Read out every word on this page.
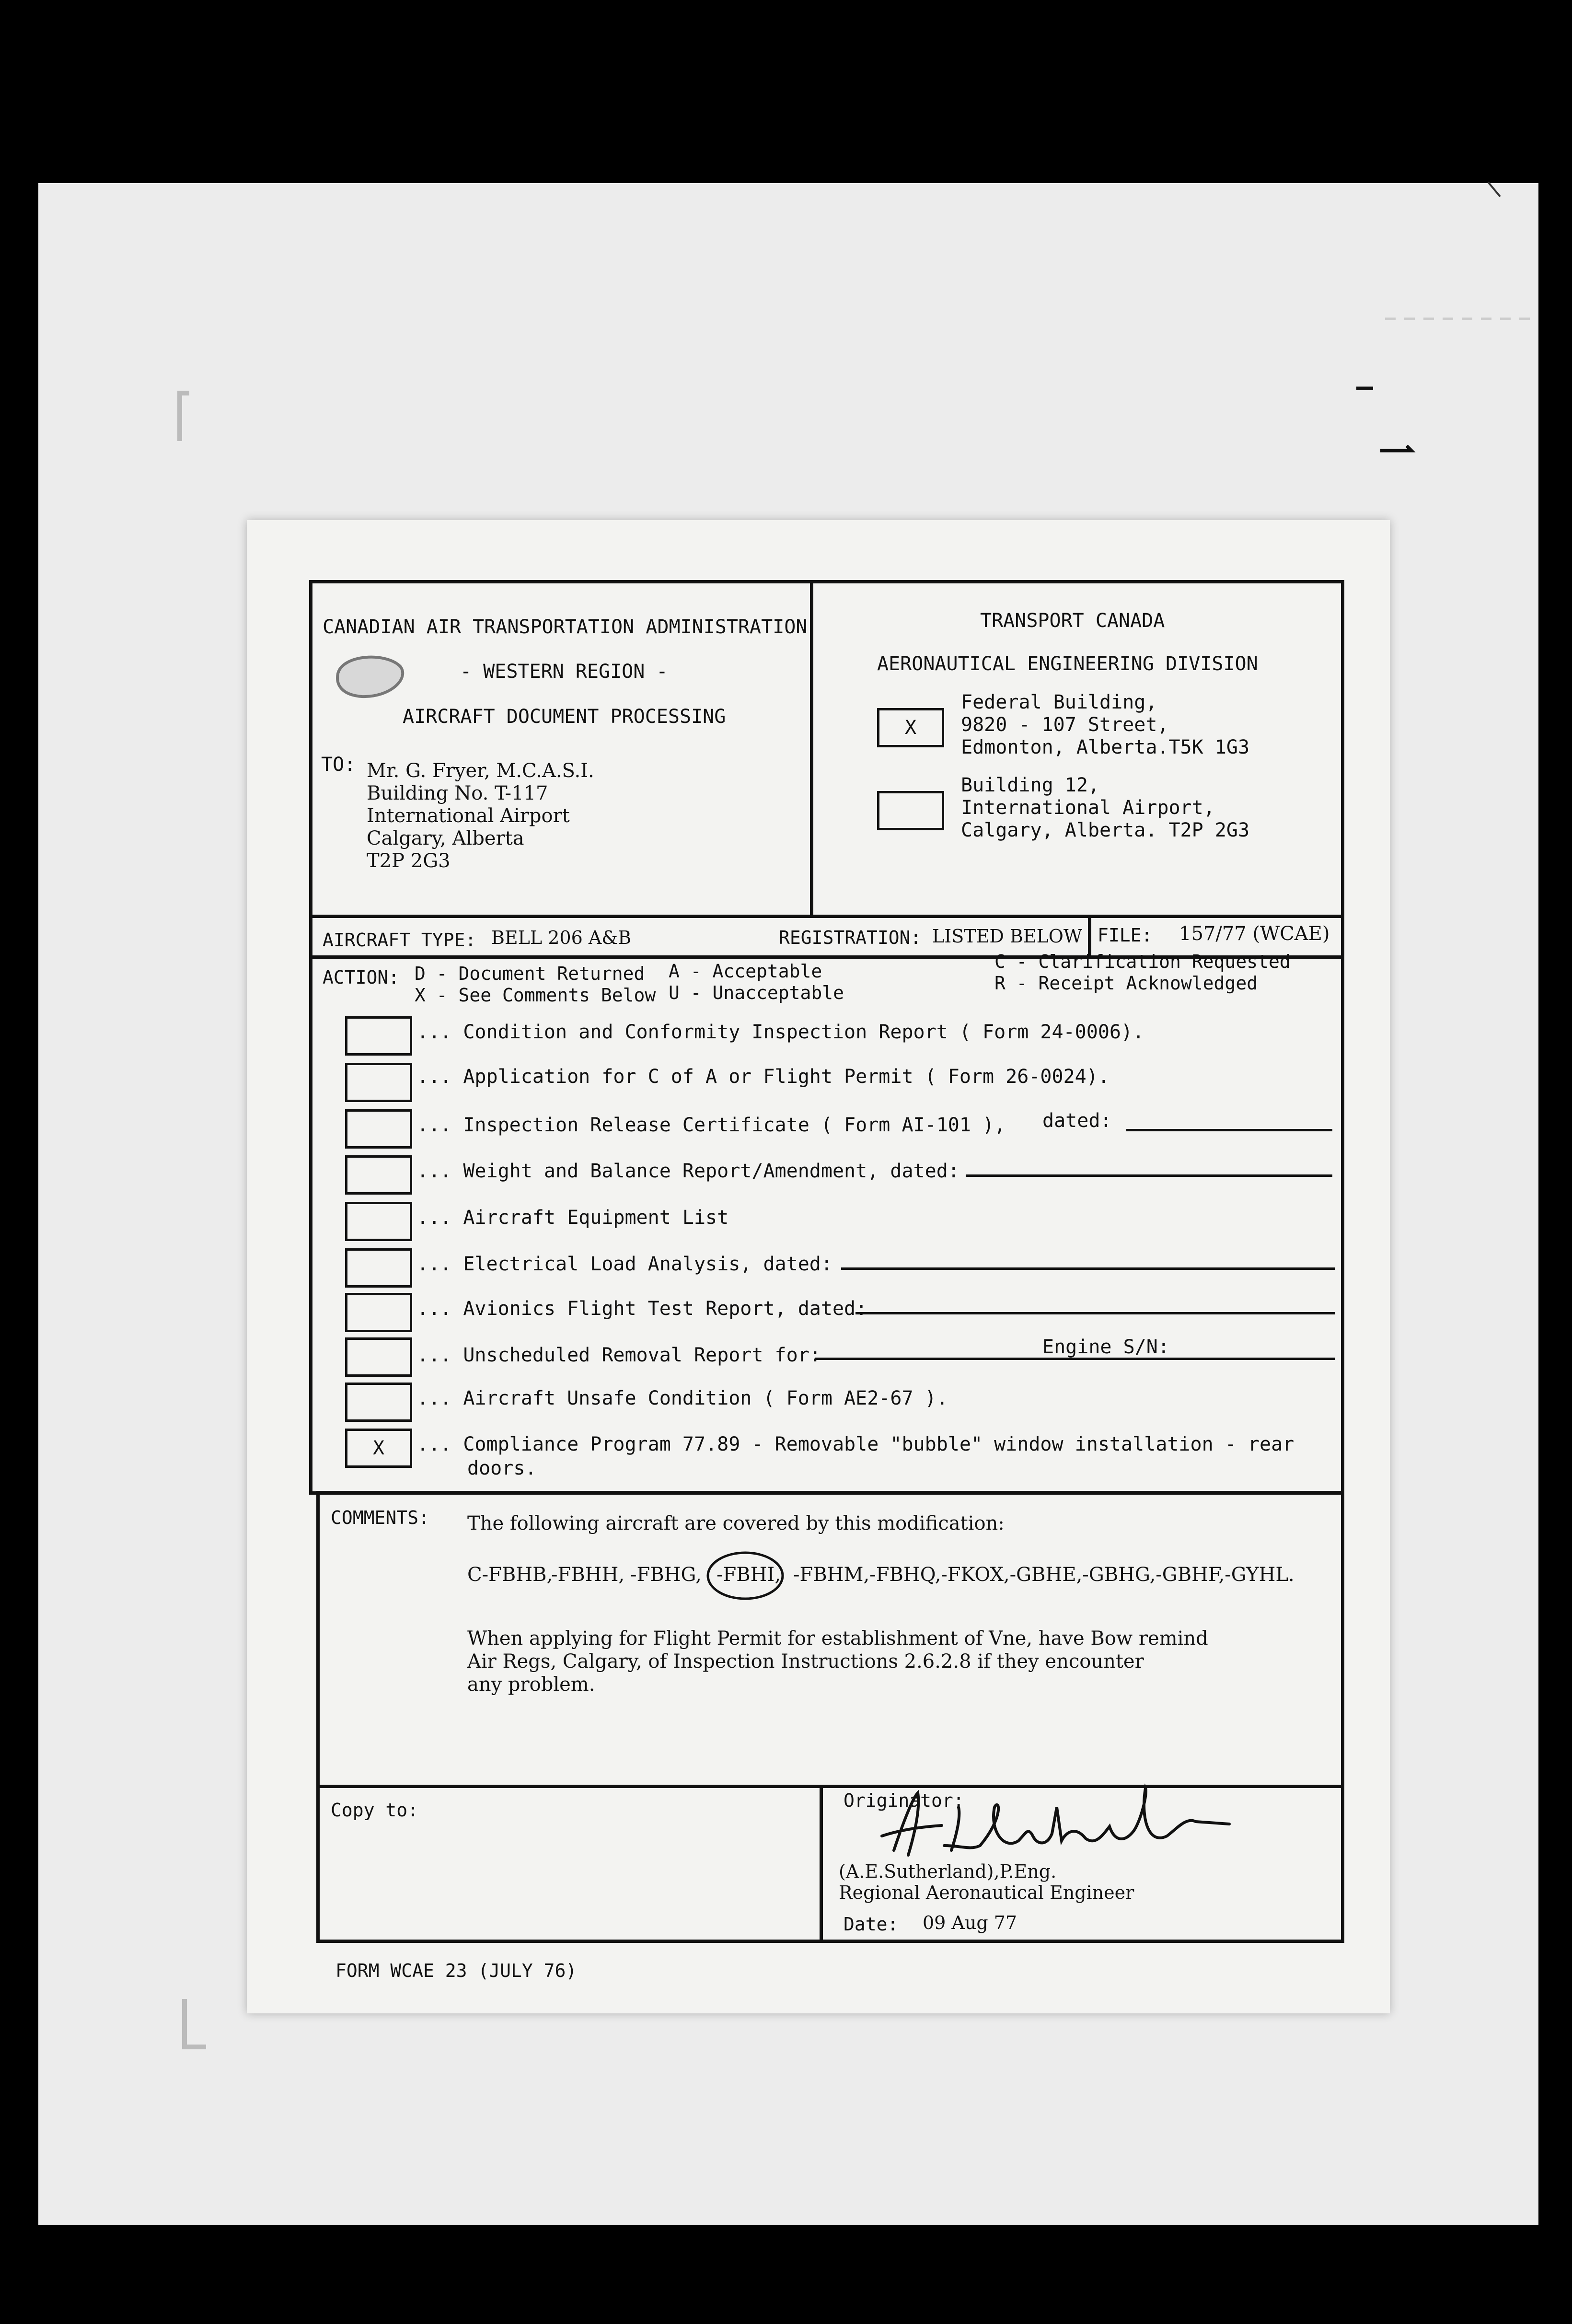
CANADIAN AIR TRANSPORTATION ADMINISTRATION
- WESTERN REGION -
AIRCRAFT DOCUMENT PROCESSING
TO: Mr. G. Fryer, M.C.A.S.I.
Building No. T-117
International Airport
Calgary, Alberta
T2P 2G3
TRANSPORT CANADA
AERONAUTICAL ENGINEERING DIVISION
X
Federal Building,
9820 - 107 Street,
Edmonton, Alberta.T5K 1G3
Building 12,
International Airport,
Calgary, Alberta. T2P 2G3
AIRCRAFT TYPE: BELL 206 A&B	REGISTRATION: LISTED BELOW FILE: 157/77 (WCAE)
ACTION: D - Document Returned
X - See Comments Below
A - Acceptable
U - Unacceptable
C - Clarification Requested
R - Receipt Acknowledged
... Condition and Conformity Inspection Report ( Form 24-0006).
... Application for C of A or Flight Permit ( Form 26-0024).
... Inspection Release Certificate ( Form AI-101 ), dated:
... Weight and Balance Report/Amendment, dated:
... Aircraft Equipment List
... Electrical Load Analysis, dated:
... Avionics Flight Test Report, dated:
... Unscheduled Removal Report for:	Engine S/N:
... Aircraft Unsafe Condition ( Form AE2-67 ).
X	... Compliance Program 77.89 - Removable "bubble" window installation - rear
doors.
COMMENTS: The following aircraft are covered by this modification:
C-FBHB,
-FBHH, -FBHG, -FBHI, -FBHM,-FBHQ,-FKOX,-GBHE,-GBHG,-GBHF,-GYHL.
When applying for Flight Permit for establishment of Vne, have Bow remind
Air Regs, Calgary, of Inspection Instructions 2.6.2.8 if they encounter
any problem.
Copy to:	Originator:
(A.E.Sutherland),P.Eng.
Regional Aeronautical Engineer
Date: 09 Aug 77
FORM WCAE 23 (JULY 76)
